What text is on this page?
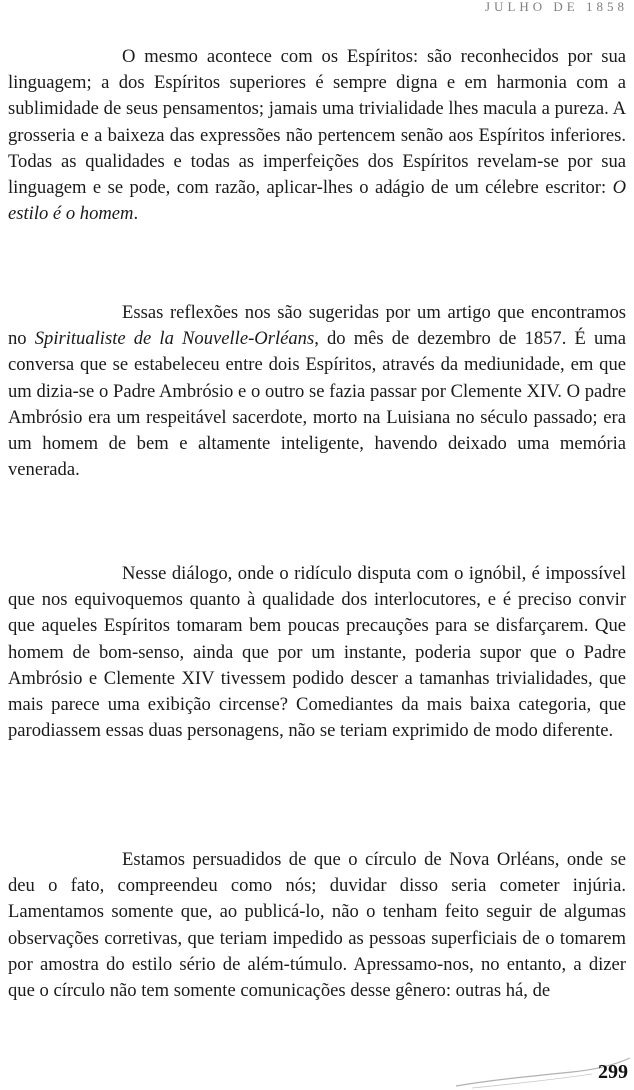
JULHO DE 1858

O mesmo acontece com os Espíritos: são reconhecidos por sua linguagem; a dos Espíritos superiores é sempre digna e em harmonia com a sublimidade de seus pensamentos; jamais uma trivialidade lhes macula a pureza. A grosseria e a baixeza das expressões não pertencem senão aos Espíritos inferiores. Todas as qualidades e todas as imperfeições dos Espíritos revelam-se por sua linguagem e se pode, com razão, aplicar-lhes o adágio de um célebre escritor: O estilo é o homem.

Essas reflexões nos são sugeridas por um artigo que encontramos no Spiritualiste de la Nouvelle-Orléans, do mês de dezembro de 1857. É uma conversa que se estabeleceu entre dois Espíritos, através da mediunidade, em que um dizia-se o Padre Ambrósio e o outro se fazia passar por Clemente XIV. O padre Ambrósio era um respeitável sacerdote, morto na Luisiana no século passado; era um homem de bem e altamente inteligente, havendo deixado uma memória venerada.

Nesse diálogo, onde o ridículo disputa com o ignóbil, é impossível que nos equivoquemos quanto à qualidade dos interlocutores, e é preciso convir que aqueles Espíritos tomaram bem poucas precauções para se disfarçarem. Que homem de bom-senso, ainda que por um instante, poderia supor que o Padre Ambrósio e Clemente XIV tivessem podido descer a tamanhas trivialidades, que mais parece uma exibição circense? Comediantes da mais baixa categoria, que parodiassem essas duas personagens, não se teriam exprimido de modo diferente.

Estamos persuadidos de que o círculo de Nova Orléans, onde se deu o fato, compreendeu como nós; duvidar disso seria cometer injúria. Lamentamos somente que, ao publicá-lo, não o tenham feito seguir de algumas observações corretivas, que teriam impedido as pessoas superficiais de o tomarem por amostra do estilo sério de além-túmulo. Apressamo-nos, no entanto, a dizer que o círculo não tem somente comunicações desse gênero: outras há, de

299
